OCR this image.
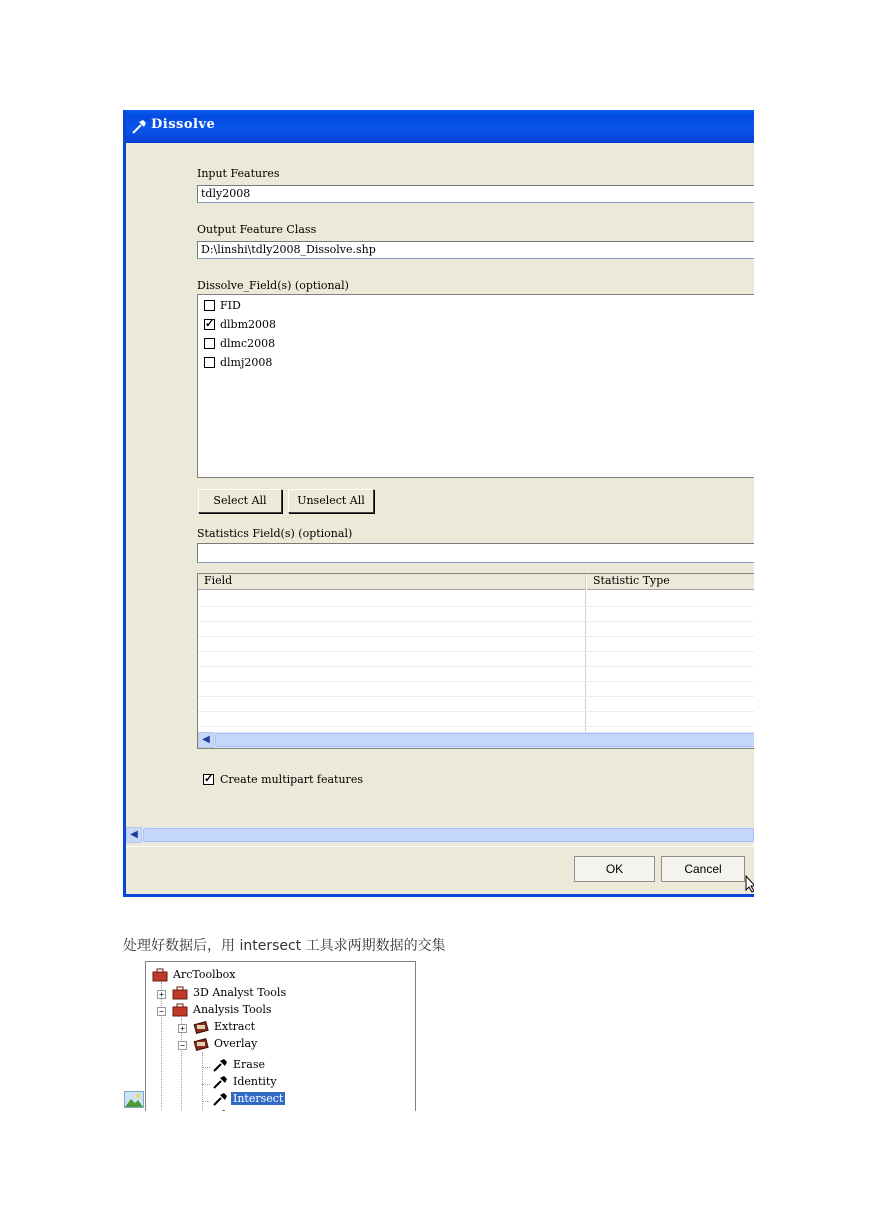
Dissolve
Input Features
tdly2008
Output Feature Class
D:\linshi\tdly2008_Dissolve.shp
Dissolve_Field(s) (optional)
FID
✓ dlbm2008
dlmc2008
dlmj2008
Select All	Unselect All
Statistics Field(s) (optional)
Field	Statistic Type
◀
✓ Create multipart features
◀
OK	Cancel
处理好数据后，用 intersect 工具求两期数据的交集
ArcToolbox
+	3D Analyst Tools
−	Analysis Tools
+	Extract
−	Overlay
Erase
Identity
Intersect
